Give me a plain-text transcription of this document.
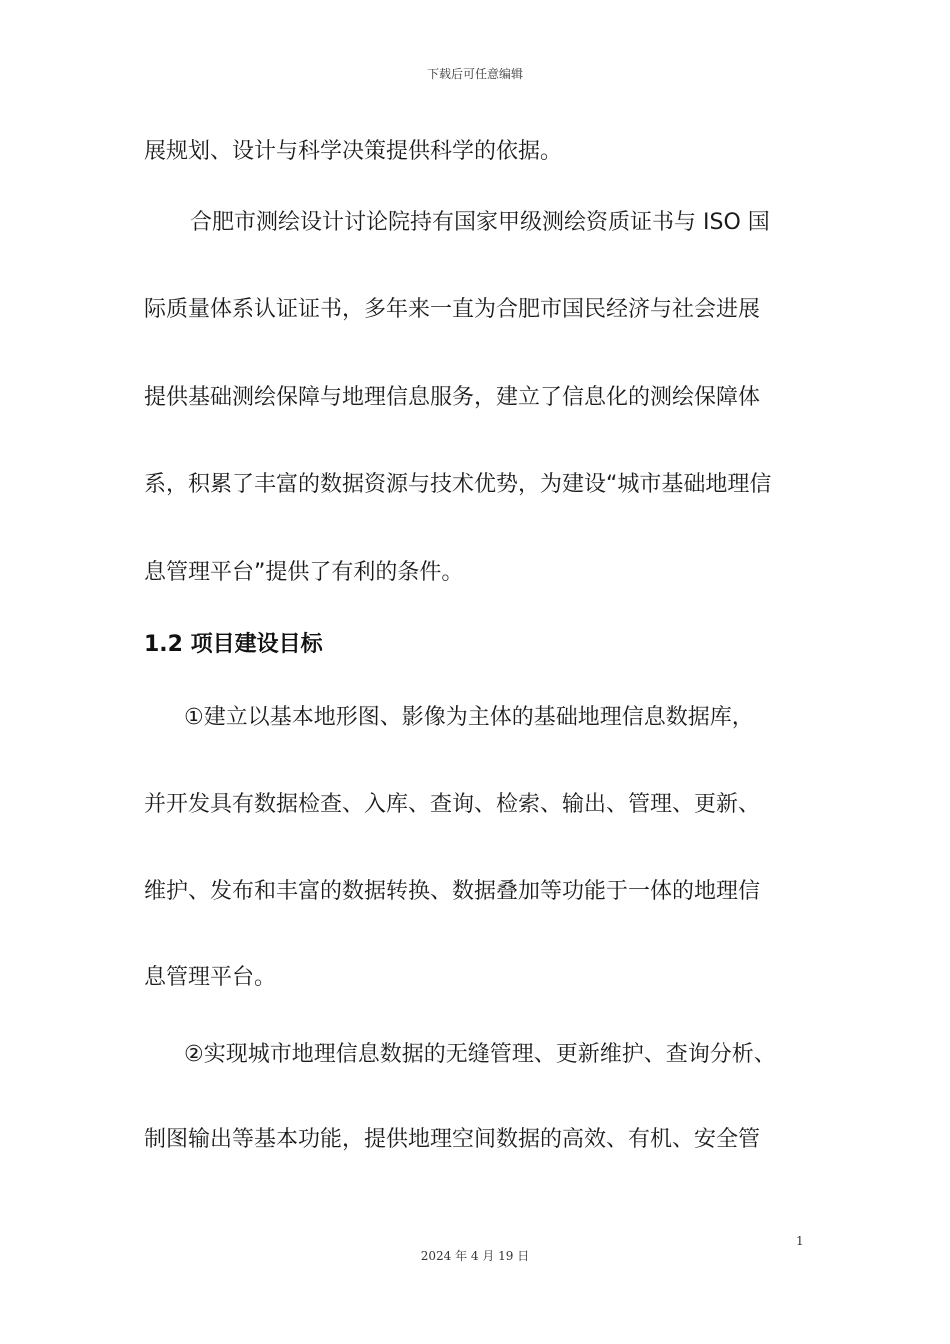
下载后可任意编辑
展规划、设计与科学决策提供科学的依据。
合肥市测绘设计讨论院持有国家甲级测绘资质证书与 ISO 国
际质量体系认证证书，多年来一直为合肥市国民经济与社会进展
提供基础测绘保障与地理信息服务，建立了信息化的测绘保障体
系，积累了丰富的数据资源与技术优势，为建设“城市基础地理信
息管理平台”提供了有利的条件。
1.2 项目建设目标
①建立以基本地形图、影像为主体的基础地理信息数据库，
并开发具有数据检查、入库、查询、检索、输出、管理、更新、
维护、发布和丰富的数据转换、数据叠加等功能于一体的地理信
息管理平台。
②实现城市地理信息数据的无缝管理、更新维护、查询分析、
制图输出等基本功能，提供地理空间数据的高效、有机、安全管
1
2024 年 4 月 19 日
